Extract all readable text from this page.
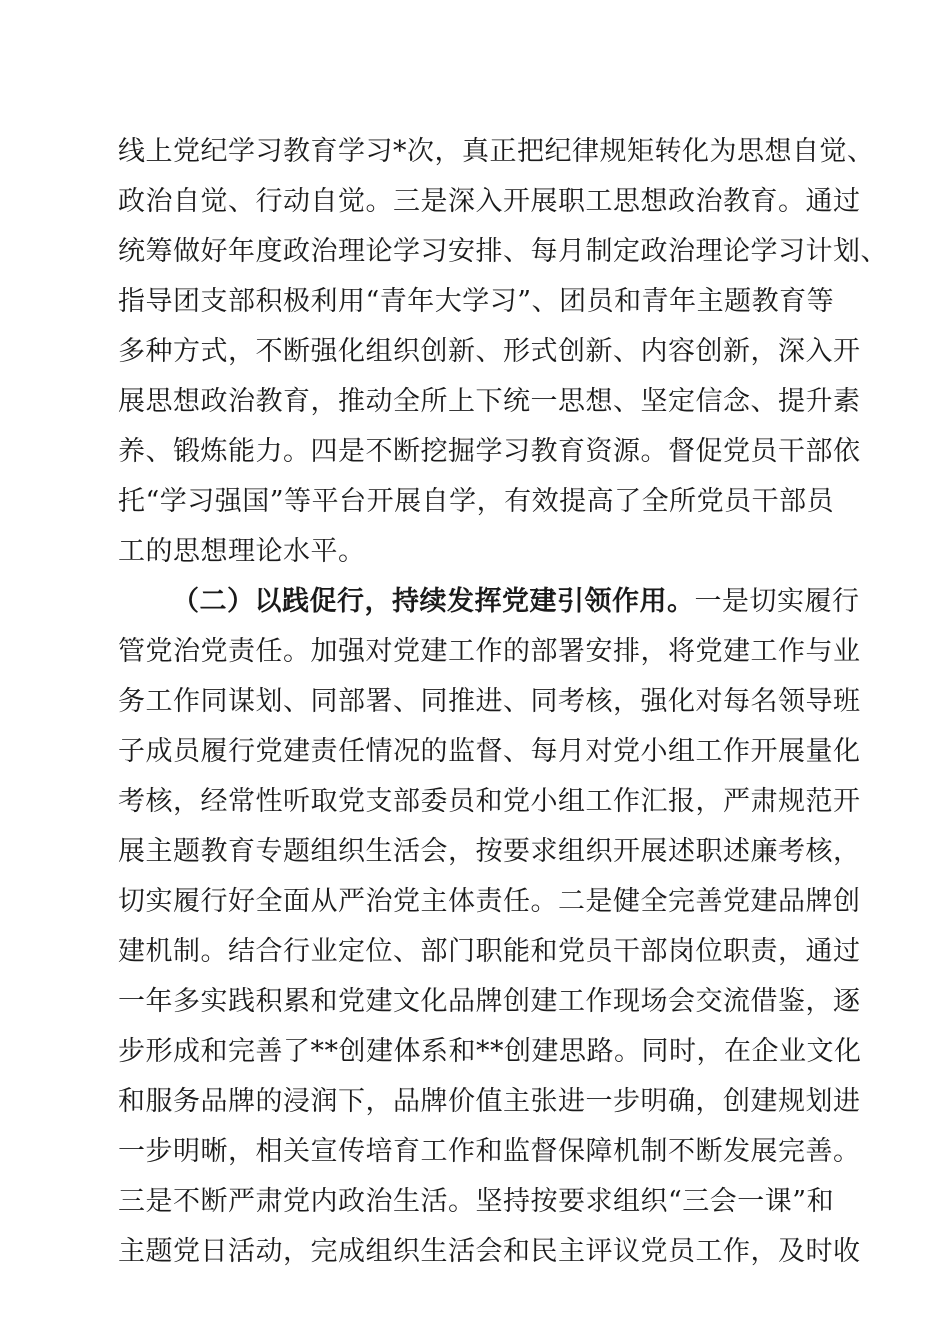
线上党纪学习教育学习*次，真正把纪律规矩转化为思想自觉、

政治自觉、行动自觉。三是深入开展职工思想政治教育。通过

统筹做好年度政治理论学习安排、每月制定政治理论学习计划、

指导团支部积极利用“青年大学习”、团员和青年主题教育等

多种方式，不断强化组织创新、形式创新、内容创新，深入开

展思想政治教育，推动全所上下统一思想、坚定信念、提升素

养、锻炼能力。四是不断挖掘学习教育资源。督促党员干部依

托“学习强国”等平台开展自学，有效提高了全所党员干部员

工的思想理论水平。

（二）以践促行，持续发挥党建引领作用。一是切实履行

管党治党责任。加强对党建工作的部署安排，将党建工作与业

务工作同谋划、同部署、同推进、同考核，强化对每名领导班

子成员履行党建责任情况的监督、每月对党小组工作开展量化

考核，经常性听取党支部委员和党小组工作汇报，严肃规范开

展主题教育专题组织生活会，按要求组织开展述职述廉考核，

切实履行好全面从严治党主体责任。二是健全完善党建品牌创

建机制。结合行业定位、部门职能和党员干部岗位职责，通过

一年多实践积累和党建文化品牌创建工作现场会交流借鉴，逐

步形成和完善了**创建体系和**创建思路。同时，在企业文化

和服务品牌的浸润下，品牌价值主张进一步明确，创建规划进

一步明晰，相关宣传培育工作和监督保障机制不断发展完善。

三是不断严肃党内政治生活。坚持按要求组织“三会一课”和

主题党日活动，完成组织生活会和民主评议党员工作，及时收
